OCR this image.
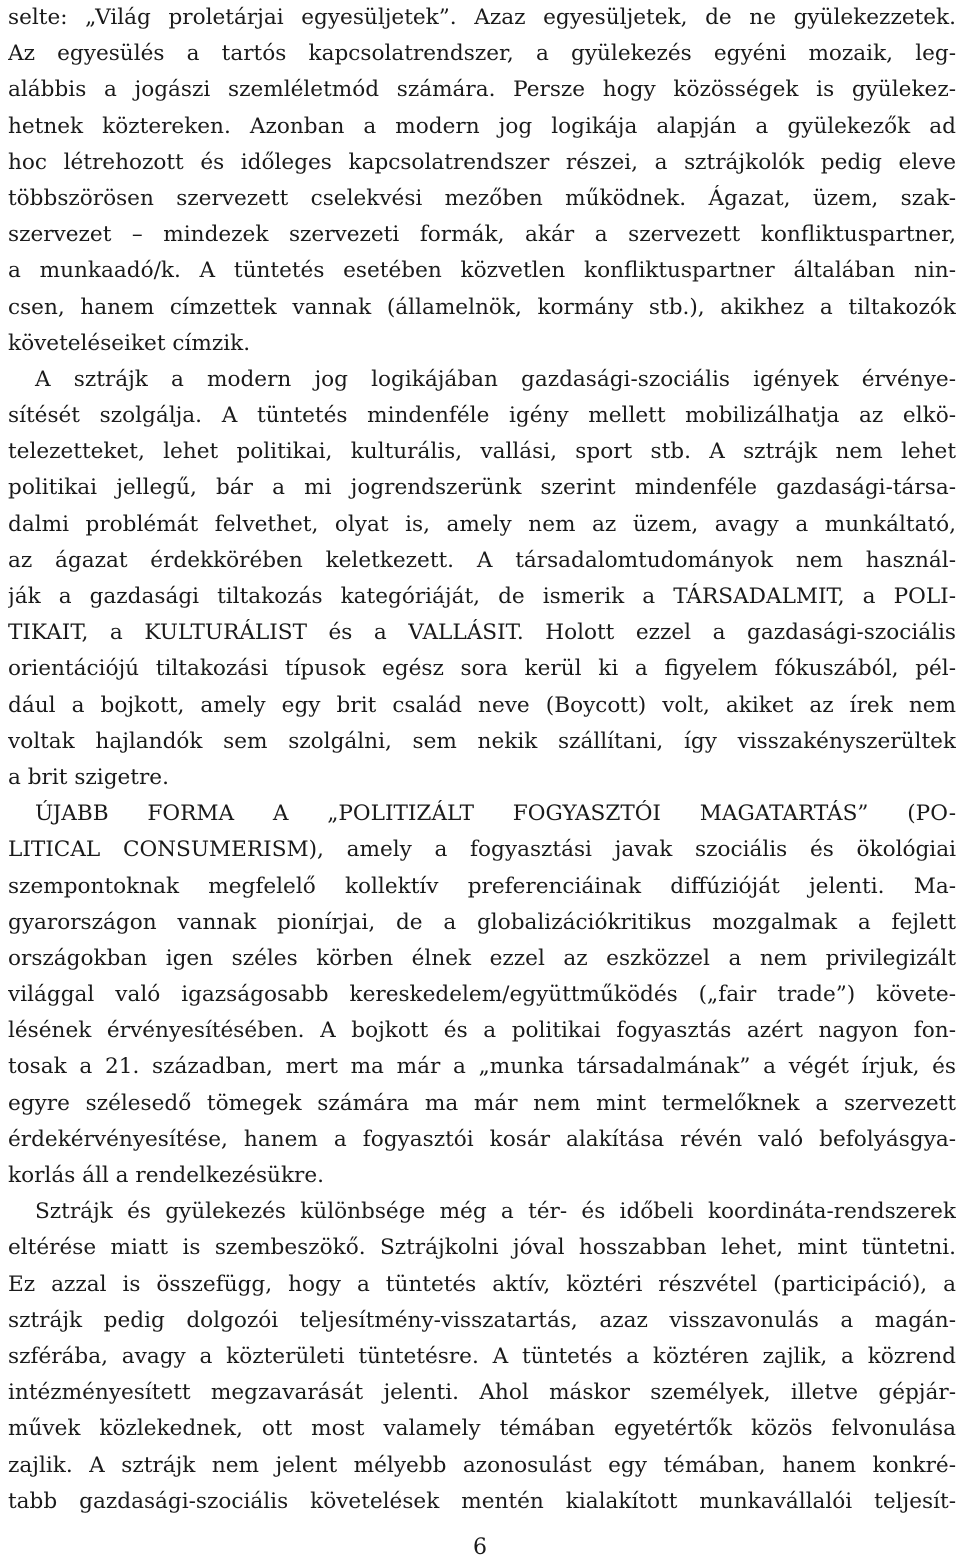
selte: „Világ proletárjai egyesüljetek”. Azaz egyesüljetek, de ne gyülekezzetek.
Az egyesülés a tartós kapcsolatrendszer, a gyülekezés egyéni mozaik, leg-
alábbis a jogászi szemléletmód számára. Persze hogy közösségek is gyülekez-
hetnek köztereken. Azonban a modern jog logikája alapján a gyülekezők ad
hoc létrehozott és időleges kapcsolatrendszer részei, a sztrájkolók pedig eleve
többszörösen szervezett cselekvési mezőben működnek. Ágazat, üzem, szak-
szervezet – mindezek szervezeti formák, akár a szervezett konfliktuspartner,
a munkaadó/k. A tüntetés esetében közvetlen konfliktuspartner általában nin-
csen, hanem címzettek vannak (államelnök, kormány stb.), akikhez a tiltakozók
követeléseiket címzik.
A sztrájk a modern jog logikájában gazdasági-szociális igények érvénye-
sítését szolgálja. A tüntetés mindenféle igény mellett mobilizálhatja az elkö-
telezetteket, lehet politikai, kulturális, vallási, sport stb. A sztrájk nem lehet
politikai jellegű, bár a mi jogrendszerünk szerint mindenféle gazdasági-társa-
dalmi problémát felvethet, olyat is, amely nem az üzem, avagy a munkáltató,
az ágazat érdekkörében keletkezett. A társadalomtudományok nem használ-
ják a gazdasági tiltakozás kategóriáját, de ismerik a TÁRSADALMIT, a POLI-
TIKAIT, a KULTURÁLIST és a VALLÁSIT. Holott ezzel a gazdasági-szociális
orientációjú tiltakozási típusok egész sora kerül ki a figyelem fókuszából, pél-
dául a bojkott, amely egy brit család neve (Boycott) volt, akiket az írek nem
voltak hajlandók sem szolgálni, sem nekik szállítani, így visszakényszerültek
a brit szigetre.
ÚJABB FORMA A „POLITIZÁLT FOGYASZTÓI MAGATARTÁS” (PO-
LITICAL CONSUMERISM), amely a fogyasztási javak szociális és ökológiai
szempontoknak megfelelő kollektív preferenciáinak diffúzióját jelenti. Ma-
gyarországon vannak pionírjai, de a globalizációkritikus mozgalmak a fejlett
országokban igen széles körben élnek ezzel az eszközzel a nem privilegizált
világgal való igazságosabb kereskedelem/együttműködés („fair trade”) követe-
lésének érvényesítésében. A bojkott és a politikai fogyasztás azért nagyon fon-
tosak a 21. században, mert ma már a „munka társadalmának” a végét írjuk, és
egyre szélesedő tömegek számára ma már nem mint termelőknek a szervezett
érdekérvényesítése, hanem a fogyasztói kosár alakítása révén való befolyásgya-
korlás áll a rendelkezésükre.
Sztrájk és gyülekezés különbsége még a tér- és időbeli koordináta-rendszerek
eltérése miatt is szembeszökő. Sztrájkolni jóval hosszabban lehet, mint tüntetni.
Ez azzal is összefügg, hogy a tüntetés aktív, köztéri részvétel (participáció), a
sztrájk pedig dolgozói teljesítmény-visszatartás, azaz visszavonulás a magán-
szférába, avagy a közterületi tüntetésre. A tüntetés a köztéren zajlik, a közrend
intézményesített megzavarását jelenti. Ahol máskor személyek, illetve gépjár-
művek közlekednek, ott most valamely témában egyetértők közös felvonulása
zajlik. A sztrájk nem jelent mélyebb azonosulást egy témában, hanem konkré-
tabb gazdasági-szociális követelések mentén kialakított munkavállalói teljesít-
6
